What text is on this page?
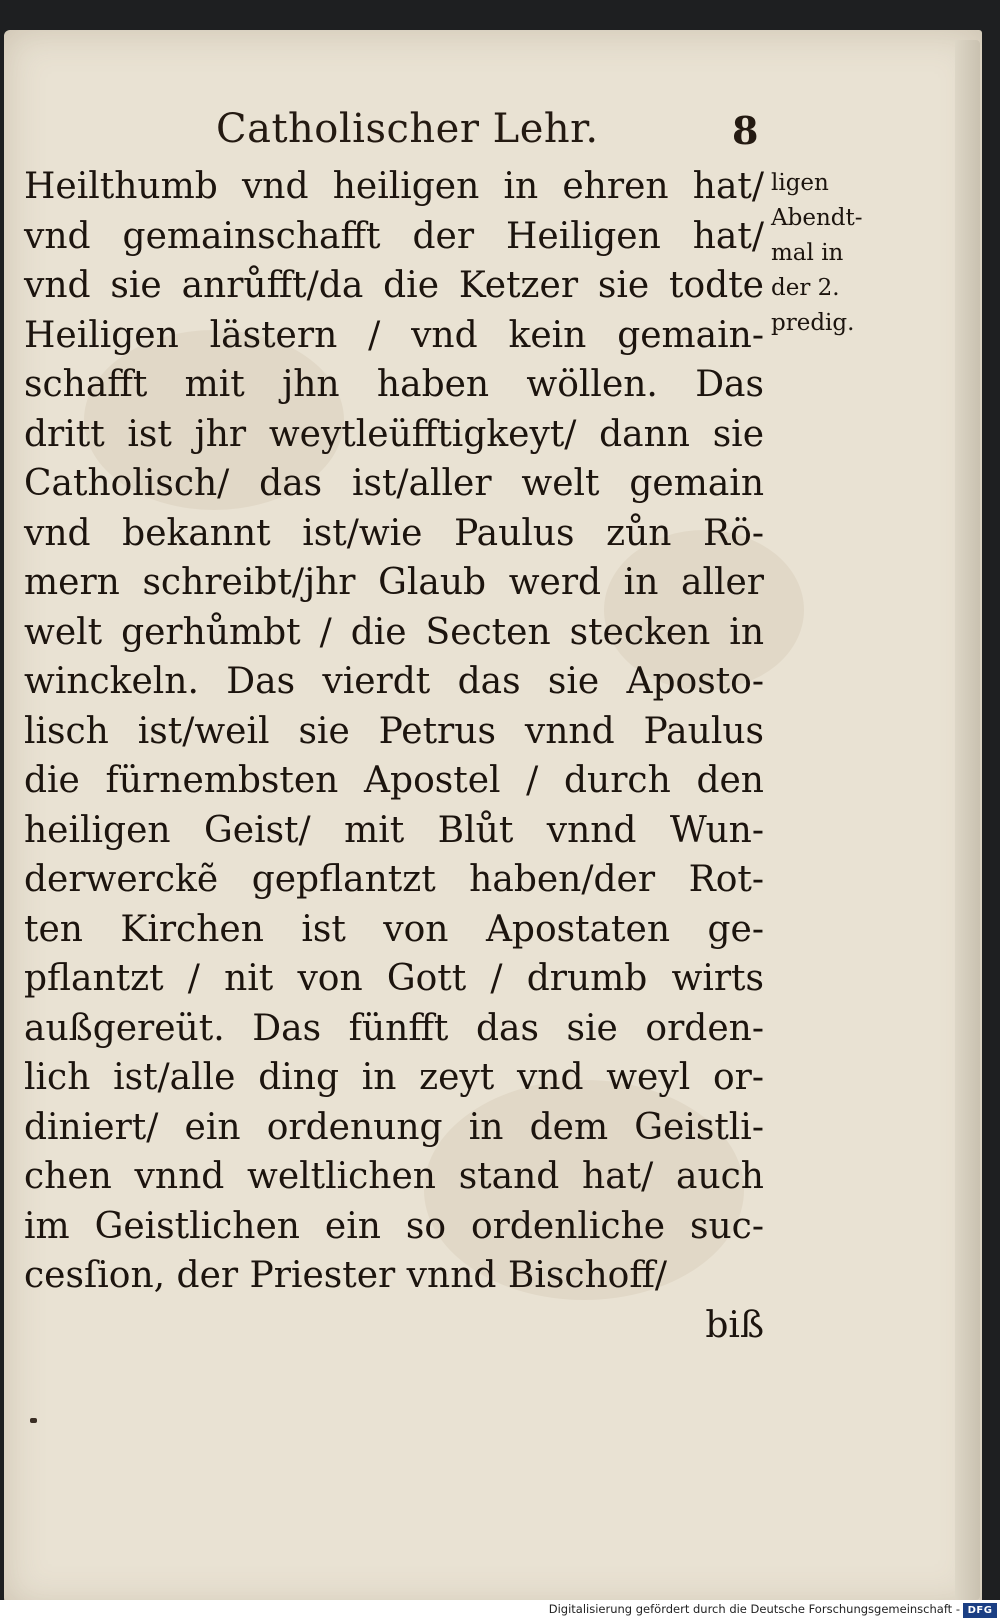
Catholischer Lehr.	8
Heilthumb vnd heiligen in ehren hat/
vnd gemainschafft der Heiligen hat/
vnd sie anrůfft/da die Ketzer sie todte
Heiligen lästern / vnd kein gemain-
schafft mit jhn haben wöllen. Das
dritt ist jhr weytleüfftigkeyt/ dann sie
Catholisch/ das ist/aller welt gemain
vnd bekannt ist/wie Paulus zůn Rö-
mern schreibt/jhr Glaub werd in aller
welt gerhůmbt / die Secten stecken in
winckeln. Das vierdt das sie Aposto-
lisch ist/weil sie Petrus vnnd Paulus
die fürnembsten Apostel / durch den
heiligen Geist/ mit Blůt vnnd Wun-
derwerckẽ gepflantzt haben/der Rot-
ten Kirchen ist von Apostaten ge-
pflantzt / nit von Gott / drumb wirts
außgereüt. Das fünfft das sie orden-
lich ist/alle ding in zeyt vnd weyl or-
diniert/ ein ordenung in dem Geistli-
chen vnnd weltlichen stand hat/ auch
im Geistlichen ein so ordenliche suc-
cesſion, der Priester vnnd Bischoff/
biß
ligen
Abendt-
mal in
der 2.
predig.
Digitalisierung gefördert durch die Deutsche Forschungsgemeinschaft - DFG
